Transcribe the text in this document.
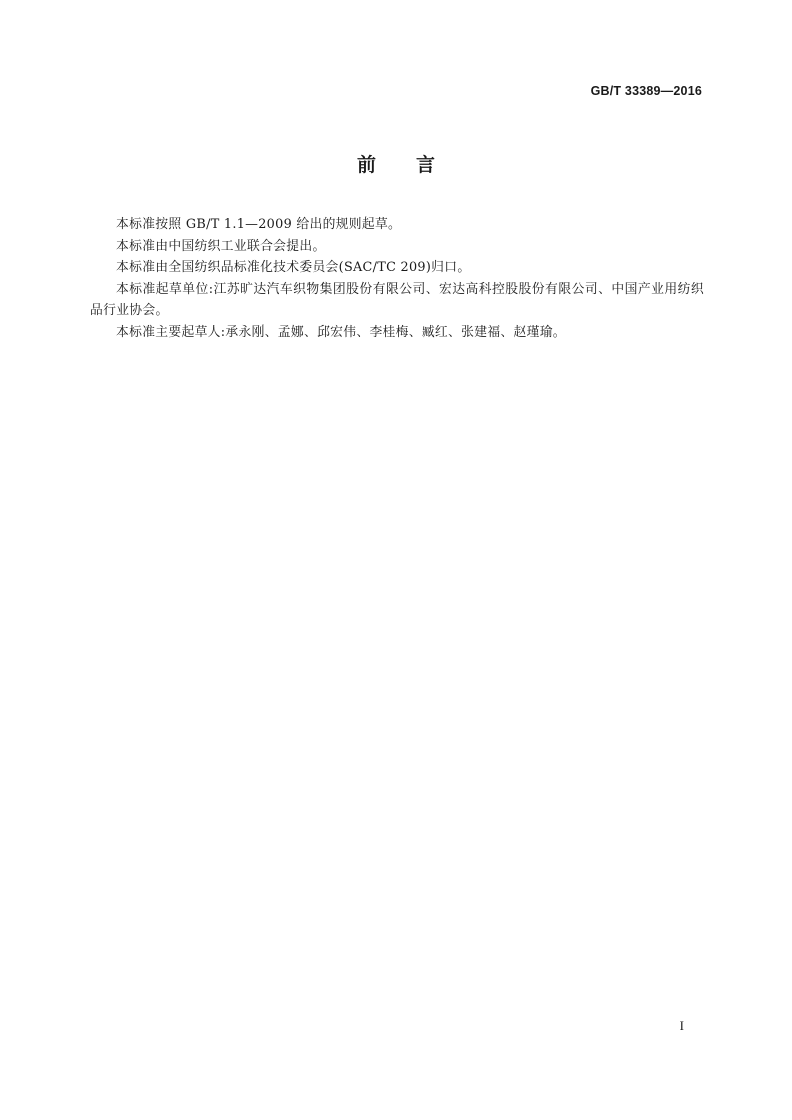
GB/T 33389—2016
前言

本标准按照 GB/T 1.1—2009 给出的规则起草。

本标准由中国纺织工业联合会提出。

本标准由全国纺织品标准化技术委员会(SAC/TC 209)归口。

本标准起草单位:江苏旷达汽车织物集团股份有限公司、宏达高科控股股份有限公司、中国产业用纺织品行业协会。

本标准主要起草人:承永刚、孟娜、邱宏伟、李桂梅、臧红、张建福、赵瑾瑜。

I
